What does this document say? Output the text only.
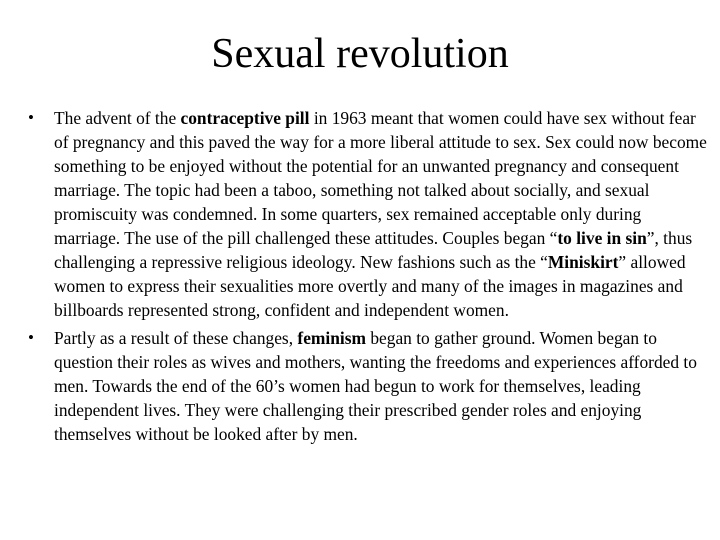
Sexual revolution
• The advent of the contraceptive pill in 1963 meant that women could have sex without fear of pregnancy and this paved the way for a more liberal attitude to sex. Sex could now become something to be enjoyed without the potential for an unwanted pregnancy and consequent marriage. The topic had been a taboo, something not talked about socially, and sexual promiscuity was condemned. In some quarters, sex remained acceptable only during marriage. The use of the pill challenged these attitudes. Couples began “to live in sin”, thus challenging a repressive religious ideology. New fashions such as the “Miniskirt” allowed women to express their sexualities more overtly and many of the images in magazines and billboards represented strong, confident and independent women.
• Partly as a result of these changes, feminism began to gather ground. Women began to question their roles as wives and mothers, wanting the freedoms and experiences afforded to men. Towards the end of the 60’s women had begun to work for themselves, leading independent lives. They were challenging their prescribed gender roles and enjoying themselves without be looked after by men.
